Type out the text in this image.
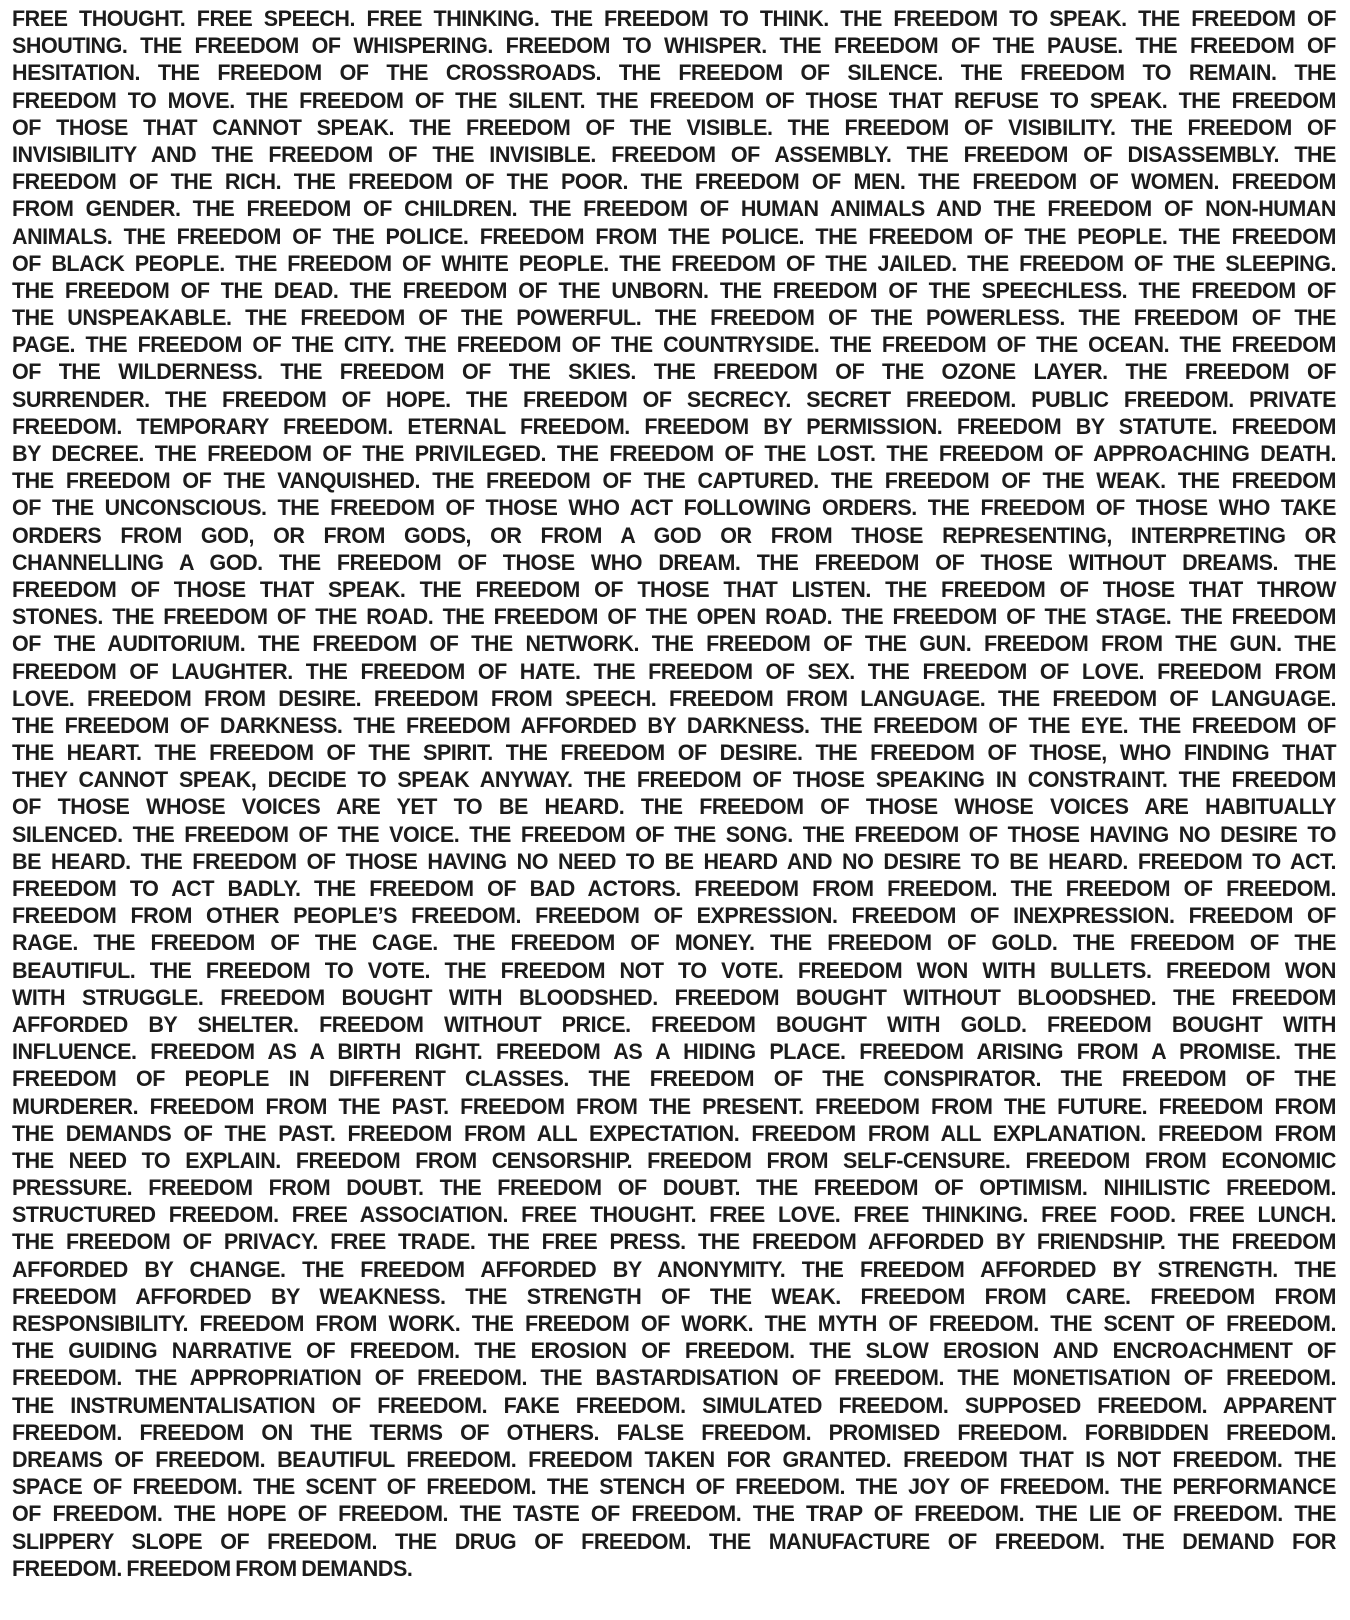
FREE THOUGHT. FREE SPEECH. FREE THINKING. THE FREEDOM TO THINK. THE FREEDOM TO SPEAK. THE FREEDOM OF
SHOUTING. THE FREEDOM OF WHISPERING. FREEDOM TO WHISPER. THE FREEDOM OF THE PAUSE. THE FREEDOM OF
HESITATION. THE FREEDOM OF THE CROSSROADS. THE FREEDOM OF SILENCE. THE FREEDOM TO REMAIN. THE
FREEDOM TO MOVE. THE FREEDOM OF THE SILENT. THE FREEDOM OF THOSE THAT REFUSE TO SPEAK. THE FREEDOM
OF THOSE THAT CANNOT SPEAK. THE FREEDOM OF THE VISIBLE. THE FREEDOM OF VISIBILITY. THE FREEDOM OF
INVISIBILITY AND THE FREEDOM OF THE INVISIBLE. FREEDOM OF ASSEMBLY. THE FREEDOM OF DISASSEMBLY. THE
FREEDOM OF THE RICH. THE FREEDOM OF THE POOR. THE FREEDOM OF MEN. THE FREEDOM OF WOMEN. FREEDOM
FROM GENDER. THE FREEDOM OF CHILDREN. THE FREEDOM OF HUMAN ANIMALS AND THE FREEDOM OF NON-HUMAN
ANIMALS. THE FREEDOM OF THE POLICE. FREEDOM FROM THE POLICE. THE FREEDOM OF THE PEOPLE. THE FREEDOM
OF BLACK PEOPLE. THE FREEDOM OF WHITE PEOPLE. THE FREEDOM OF THE JAILED. THE FREEDOM OF THE SLEEPING.
THE FREEDOM OF THE DEAD. THE FREEDOM OF THE UNBORN. THE FREEDOM OF THE SPEECHLESS. THE FREEDOM OF
THE UNSPEAKABLE. THE FREEDOM OF THE POWERFUL. THE FREEDOM OF THE POWERLESS. THE FREEDOM OF THE
PAGE. THE FREEDOM OF THE CITY. THE FREEDOM OF THE COUNTRYSIDE. THE FREEDOM OF THE OCEAN. THE FREEDOM
OF THE WILDERNESS. THE FREEDOM OF THE SKIES. THE FREEDOM OF THE OZONE LAYER. THE FREEDOM OF
SURRENDER. THE FREEDOM OF HOPE. THE FREEDOM OF SECRECY. SECRET FREEDOM. PUBLIC FREEDOM. PRIVATE
FREEDOM. TEMPORARY FREEDOM. ETERNAL FREEDOM. FREEDOM BY PERMISSION. FREEDOM BY STATUTE. FREEDOM
BY DECREE. THE FREEDOM OF THE PRIVILEGED. THE FREEDOM OF THE LOST. THE FREEDOM OF APPROACHING DEATH.
THE FREEDOM OF THE VANQUISHED. THE FREEDOM OF THE CAPTURED. THE FREEDOM OF THE WEAK. THE FREEDOM
OF THE UNCONSCIOUS. THE FREEDOM OF THOSE WHO ACT FOLLOWING ORDERS. THE FREEDOM OF THOSE WHO TAKE
ORDERS FROM GOD, OR FROM GODS, OR FROM A GOD OR FROM THOSE REPRESENTING, INTERPRETING OR
CHANNELLING A GOD. THE FREEDOM OF THOSE WHO DREAM. THE FREEDOM OF THOSE WITHOUT DREAMS. THE
FREEDOM OF THOSE THAT SPEAK. THE FREEDOM OF THOSE THAT LISTEN. THE FREEDOM OF THOSE THAT THROW
STONES. THE FREEDOM OF THE ROAD. THE FREEDOM OF THE OPEN ROAD. THE FREEDOM OF THE STAGE. THE FREEDOM
OF THE AUDITORIUM. THE FREEDOM OF THE NETWORK. THE FREEDOM OF THE GUN. FREEDOM FROM THE GUN. THE
FREEDOM OF LAUGHTER. THE FREEDOM OF HATE. THE FREEDOM OF SEX. THE FREEDOM OF LOVE. FREEDOM FROM
LOVE. FREEDOM FROM DESIRE. FREEDOM FROM SPEECH. FREEDOM FROM LANGUAGE. THE FREEDOM OF LANGUAGE.
THE FREEDOM OF DARKNESS. THE FREEDOM AFFORDED BY DARKNESS. THE FREEDOM OF THE EYE. THE FREEDOM OF
THE HEART. THE FREEDOM OF THE SPIRIT. THE FREEDOM OF DESIRE. THE FREEDOM OF THOSE, WHO FINDING THAT
THEY CANNOT SPEAK, DECIDE TO SPEAK ANYWAY. THE FREEDOM OF THOSE SPEAKING IN CONSTRAINT. THE FREEDOM
OF THOSE WHOSE VOICES ARE YET TO BE HEARD. THE FREEDOM OF THOSE WHOSE VOICES ARE HABITUALLY
SILENCED. THE FREEDOM OF THE VOICE. THE FREEDOM OF THE SONG. THE FREEDOM OF THOSE HAVING NO DESIRE TO
BE HEARD. THE FREEDOM OF THOSE HAVING NO NEED TO BE HEARD AND NO DESIRE TO BE HEARD. FREEDOM TO ACT.
FREEDOM TO ACT BADLY. THE FREEDOM OF BAD ACTORS. FREEDOM FROM FREEDOM. THE FREEDOM OF FREEDOM.
FREEDOM FROM OTHER PEOPLE’S FREEDOM. FREEDOM OF EXPRESSION. FREEDOM OF INEXPRESSION. FREEDOM OF
RAGE. THE FREEDOM OF THE CAGE. THE FREEDOM OF MONEY. THE FREEDOM OF GOLD. THE FREEDOM OF THE
BEAUTIFUL. THE FREEDOM TO VOTE. THE FREEDOM NOT TO VOTE. FREEDOM WON WITH BULLETS. FREEDOM WON
WITH STRUGGLE. FREEDOM BOUGHT WITH BLOODSHED. FREEDOM BOUGHT WITHOUT BLOODSHED. THE FREEDOM
AFFORDED BY SHELTER. FREEDOM WITHOUT PRICE. FREEDOM BOUGHT WITH GOLD. FREEDOM BOUGHT WITH
INFLUENCE. FREEDOM AS A BIRTH RIGHT. FREEDOM AS A HIDING PLACE. FREEDOM ARISING FROM A PROMISE. THE
FREEDOM OF PEOPLE IN DIFFERENT CLASSES. THE FREEDOM OF THE CONSPIRATOR. THE FREEDOM OF THE
MURDERER. FREEDOM FROM THE PAST. FREEDOM FROM THE PRESENT. FREEDOM FROM THE FUTURE. FREEDOM FROM
THE DEMANDS OF THE PAST. FREEDOM FROM ALL EXPECTATION. FREEDOM FROM ALL EXPLANATION. FREEDOM FROM
THE NEED TO EXPLAIN. FREEDOM FROM CENSORSHIP. FREEDOM FROM SELF-CENSURE. FREEDOM FROM ECONOMIC
PRESSURE. FREEDOM FROM DOUBT. THE FREEDOM OF DOUBT. THE FREEDOM OF OPTIMISM. NIHILISTIC FREEDOM.
STRUCTURED FREEDOM. FREE ASSOCIATION. FREE THOUGHT. FREE LOVE. FREE THINKING. FREE FOOD. FREE LUNCH.
THE FREEDOM OF PRIVACY. FREE TRADE. THE FREE PRESS. THE FREEDOM AFFORDED BY FRIENDSHIP. THE FREEDOM
AFFORDED BY CHANGE. THE FREEDOM AFFORDED BY ANONYMITY. THE FREEDOM AFFORDED BY STRENGTH. THE
FREEDOM AFFORDED BY WEAKNESS. THE STRENGTH OF THE WEAK. FREEDOM FROM CARE. FREEDOM FROM
RESPONSIBILITY. FREEDOM FROM WORK. THE FREEDOM OF WORK. THE MYTH OF FREEDOM. THE SCENT OF FREEDOM.
THE GUIDING NARRATIVE OF FREEDOM. THE EROSION OF FREEDOM. THE SLOW EROSION AND ENCROACHMENT OF
FREEDOM. THE APPROPRIATION OF FREEDOM. THE BASTARDISATION OF FREEDOM. THE MONETISATION OF FREEDOM.
THE INSTRUMENTALISATION OF FREEDOM. FAKE FREEDOM. SIMULATED FREEDOM. SUPPOSED FREEDOM. APPARENT
FREEDOM. FREEDOM ON THE TERMS OF OTHERS. FALSE FREEDOM. PROMISED FREEDOM. FORBIDDEN FREEDOM.
DREAMS OF FREEDOM. BEAUTIFUL FREEDOM. FREEDOM TAKEN FOR GRANTED. FREEDOM THAT IS NOT FREEDOM. THE
SPACE OF FREEDOM. THE SCENT OF FREEDOM. THE STENCH OF FREEDOM. THE JOY OF FREEDOM. THE PERFORMANCE
OF FREEDOM. THE HOPE OF FREEDOM. THE TASTE OF FREEDOM. THE TRAP OF FREEDOM. THE LIE OF FREEDOM. THE
SLIPPERY SLOPE OF FREEDOM. THE DRUG OF FREEDOM. THE MANUFACTURE OF FREEDOM. THE DEMAND FOR
FREEDOM. FREEDOM FROM DEMANDS.
